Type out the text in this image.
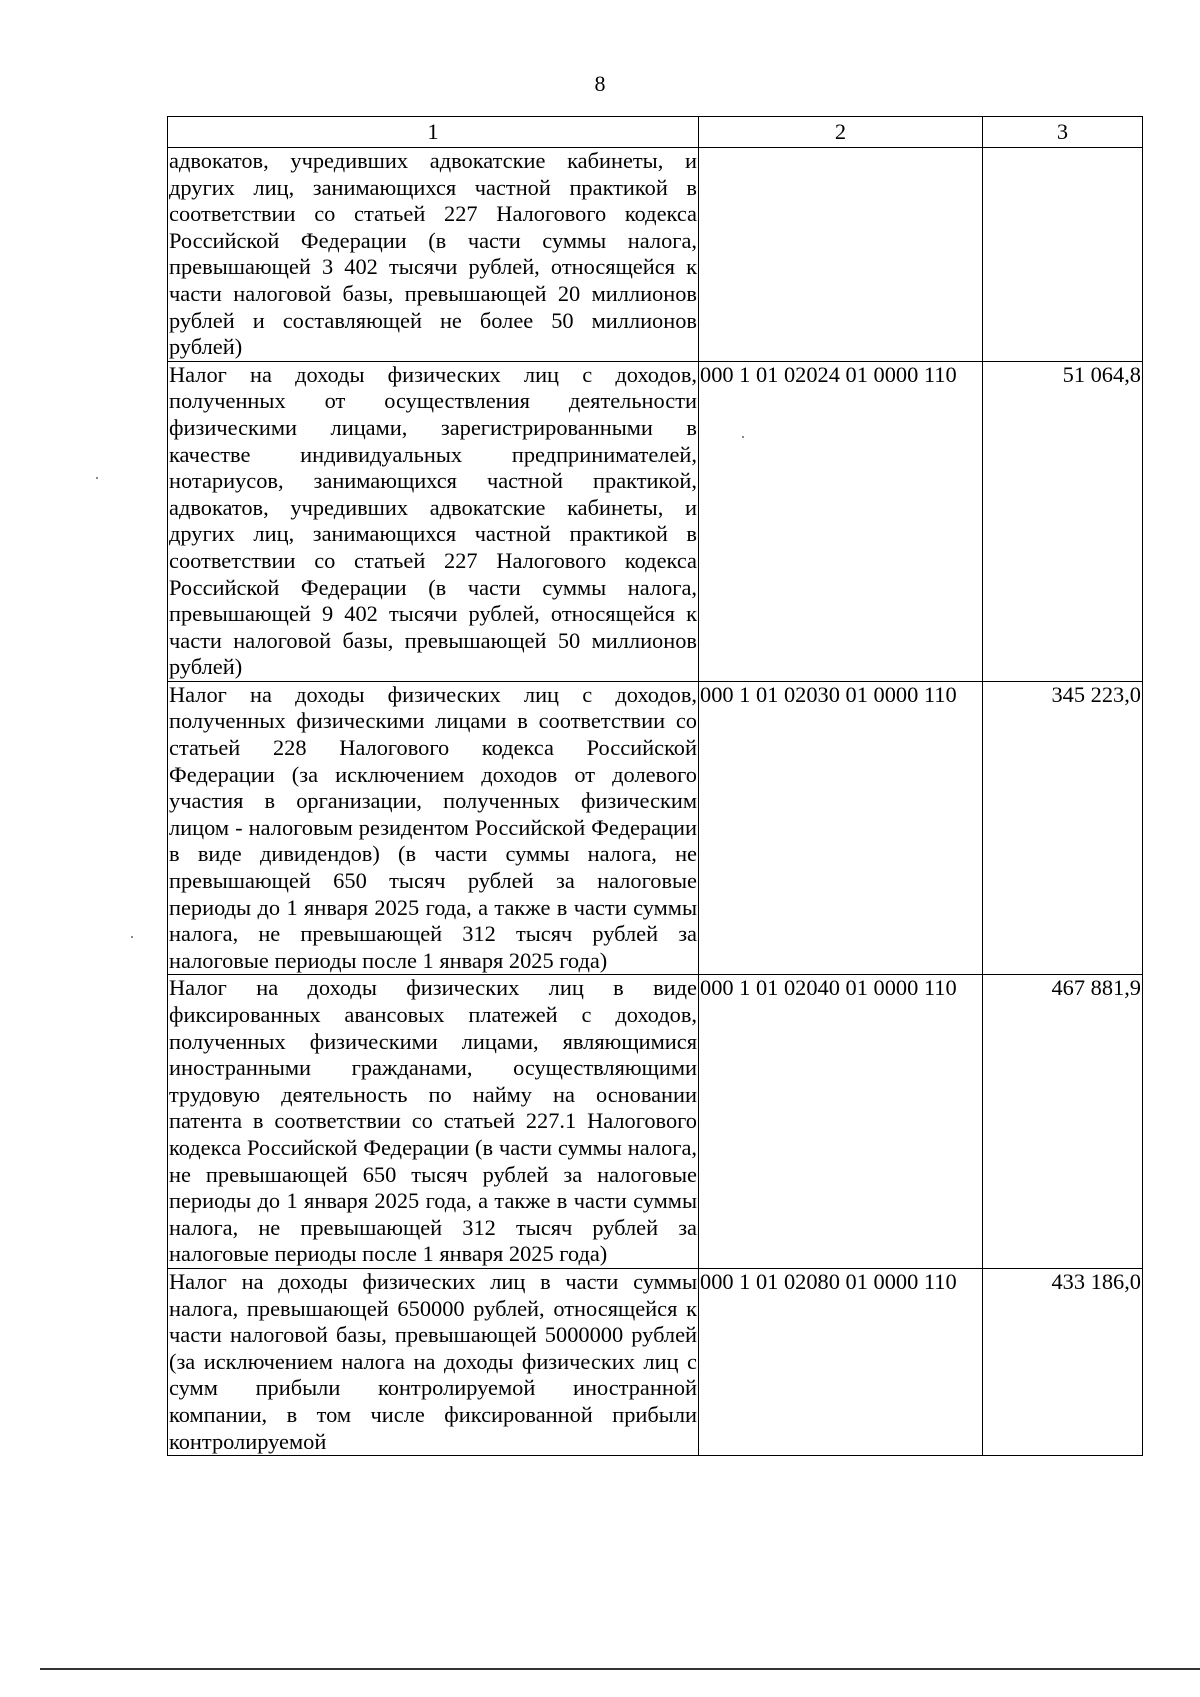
8
1	2	3
адвокатов, учредивших адвокатские кабинеты, и других лиц, занимающихся частной практикой в соответствии со статьей 227 Налогового кодекса Российской Федерации (в части суммы налога, превышающей 3 402 тысячи рублей, относящейся к части налоговой базы, превышающей 20 миллионов рублей и составляющей не более 50 миллионов рублей)		
Налог на доходы физических лиц с доходов, полученных от осуществления деятельности физическими лицами, зарегистрированными в качестве индивидуальных предпринимателей, нотариусов, занимающихся частной практикой, адвокатов, учредивших адвокатские кабинеты, и других лиц, занимающихся частной практикой в соответствии со статьей 227 Налогового кодекса Российской Федерации (в части суммы налога, превышающей 9 402 тысячи рублей, относящейся к части налоговой базы, превышающей 50 миллионов рублей)	000 1 01 02024 01 0000 110	51 064,8
Налог на доходы физических лиц с доходов, полученных физическими лицами в соответствии со статьей 228 Налогового кодекса Российской Федерации (за исключением доходов от долевого участия в организации, полученных физическим лицом - налоговым резидентом Российской Федерации в виде дивидендов) (в части суммы налога, не превышающей 650 тысяч рублей за налоговые периоды до 1 января 2025 года, а также в части суммы налога, не превышающей 312 тысяч рублей за налоговые периоды после 1 января 2025 года)	000 1 01 02030 01 0000 110	345 223,0
Налог на доходы физических лиц в виде фиксированных авансовых платежей с доходов, полученных физическими лицами, являющимися иностранными гражданами, осуществляющими трудовую деятельность по найму на основании патента в соответствии со статьей 227.1 Налогового кодекса Российской Федерации (в части суммы налога, не превышающей 650 тысяч рублей за налоговые периоды до 1 января 2025 года, а также в части суммы налога, не превышающей 312 тысяч рублей за налоговые периоды после 1 января 2025 года)	000 1 01 02040 01 0000 110	467 881,9
Налог на доходы физических лиц в части суммы налога, превышающей 650000 рублей, относящейся к части налоговой базы, превышающей 5000000 рублей (за исключением налога на доходы физических лиц с сумм прибыли контролируемой иностранной компании, в том числе фиксированной прибыли контролируемой	000 1 01 02080 01 0000 110	433 186,0
